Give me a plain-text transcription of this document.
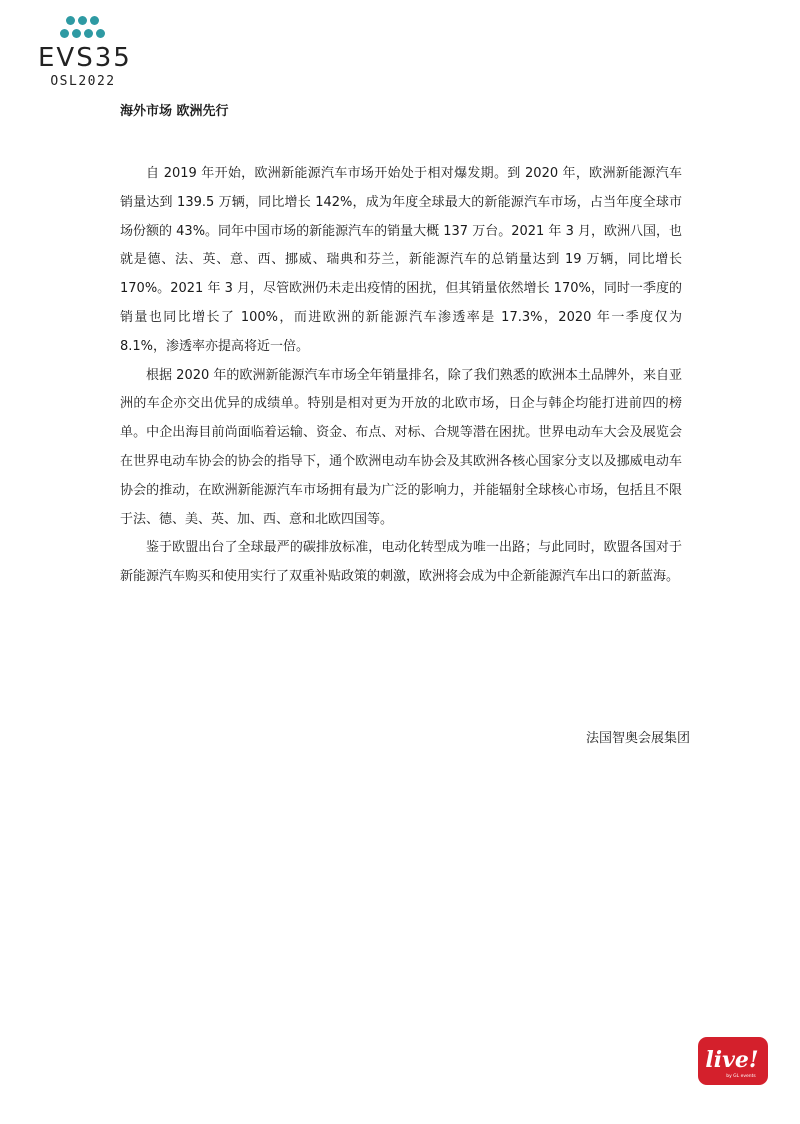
EVS35
OSL2022
海外市场 欧洲先行

自 2019 年开始，欧洲新能源汽车市场开始处于相对爆发期。到 2020 年，欧洲新能源汽车销量达到 139.5 万辆，同比增长 142%，成为年度全球最大的新能源汽车市场，占当年度全球市场份额的 43%。同年中国市场的新能源汽车的销量大概 137 万台。2021 年 3 月，欧洲八国，也就是德、法、英、意、西、挪威、瑞典和芬兰，新能源汽车的总销量达到 19 万辆，同比增长 170%。2021 年 3 月，尽管欧洲仍未走出疫情的困扰，但其销量依然增长 170%，同时一季度的销量也同比增长了 100%，而进欧洲的新能源汽车渗透率是 17.3%，2020 年一季度仅为 8.1%，渗透率亦提高将近一倍。

根据 2020 年的欧洲新能源汽车市场全年销量排名，除了我们熟悉的欧洲本土品牌外，来自亚洲的车企亦交出优异的成绩单。特别是相对更为开放的北欧市场，日企与韩企均能打进前四的榜单。中企出海目前尚面临着运输、资金、布点、对标、合规等潜在困扰。世界电动车大会及展览会在世界电动车协会的协会的指导下，通个欧洲电动车协会及其欧洲各核心国家分支以及挪威电动车协会的推动，在欧洲新能源汽车市场拥有最为广泛的影响力，并能辐射全球核心市场，包括且不限于法、德、美、英、加、西、意和北欧四国等。

鉴于欧盟出台了全球最严的碳排放标准，电动化转型成为唯一出路；与此同时，欧盟各国对于新能源汽车购买和使用实行了双重补贴政策的刺激，欧洲将会成为中企新能源汽车出口的新蓝海。

法国智奥会展集团
live!
by GL events
